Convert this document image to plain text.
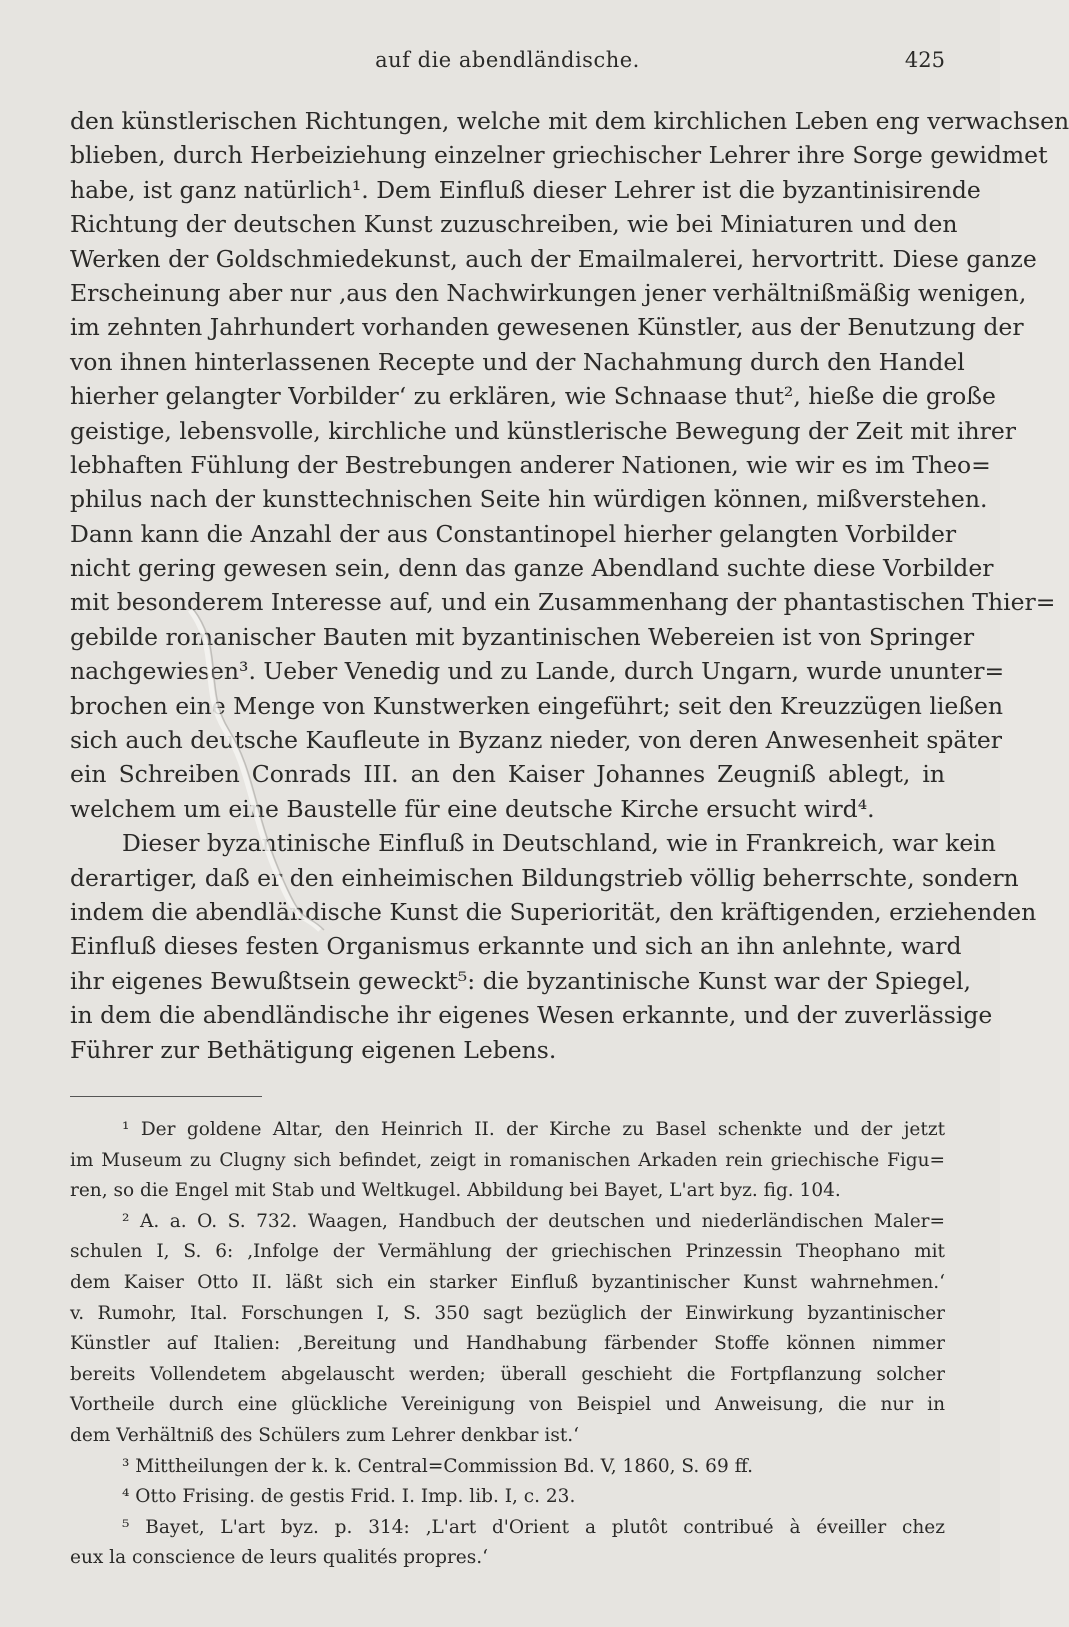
auf die abendländische.	425
den künstlerischen Richtungen, welche mit dem kirchlichen Leben eng verwachsen
blieben, durch Herbeiziehung einzelner griechischer Lehrer ihre Sorge gewidmet
habe, ist ganz natürlich¹. Dem Einfluß dieser Lehrer ist die byzantinisirende
Richtung der deutschen Kunst zuzuschreiben, wie bei Miniaturen und den
Werken der Goldschmiedekunst, auch der Emailmalerei, hervortritt. Diese ganze
Erscheinung aber nur ‚aus den Nachwirkungen jener verhältnißmäßig wenigen,
im zehnten Jahrhundert vorhanden gewesenen Künstler, aus der Benutzung der
von ihnen hinterlassenen Recepte und der Nachahmung durch den Handel
hierher gelangter Vorbilder‘ zu erklären, wie Schnaase thut², hieße die große
geistige, lebensvolle, kirchliche und künstlerische Bewegung der Zeit mit ihrer
lebhaften Fühlung der Bestrebungen anderer Nationen, wie wir es im Theo=
philus nach der kunsttechnischen Seite hin würdigen können, mißverstehen.
Dann kann die Anzahl der aus Constantinopel hierher gelangten Vorbilder
nicht gering gewesen sein, denn das ganze Abendland suchte diese Vorbilder
mit besonderem Interesse auf, und ein Zusammenhang der phantastischen Thier=
gebilde romanischer Bauten mit byzantinischen Webereien ist von Springer
nachgewiesen³. Ueber Venedig und zu Lande, durch Ungarn, wurde ununter=
brochen eine Menge von Kunstwerken eingeführt; seit den Kreuzzügen ließen
sich auch deutsche Kaufleute in Byzanz nieder, von deren Anwesenheit später
ein Schreiben Conrads III. an den Kaiser Johannes Zeugniß ablegt, in
welchem um eine Baustelle für eine deutsche Kirche ersucht wird⁴.
Dieser byzantinische Einfluß in Deutschland, wie in Frankreich, war kein
derartiger, daß er den einheimischen Bildungstrieb völlig beherrschte, sondern
indem die abendländische Kunst die Superiorität, den kräftigenden, erziehenden
Einfluß dieses festen Organismus erkannte und sich an ihn anlehnte, ward
ihr eigenes Bewußtsein geweckt⁵: die byzantinische Kunst war der Spiegel,
in dem die abendländische ihr eigenes Wesen erkannte, und der zuverlässige
Führer zur Bethätigung eigenen Lebens.
¹ Der goldene Altar, den Heinrich II. der Kirche zu Basel schenkte und der jetzt
im Museum zu Clugny sich befindet, zeigt in romanischen Arkaden rein griechische Figu=
ren, so die Engel mit Stab und Weltkugel. Abbildung bei Bayet, L'art byz. fig. 104.
² A. a. O. S. 732. Waagen, Handbuch der deutschen und niederländischen Maler=
schulen I, S. 6: ‚Infolge der Vermählung der griechischen Prinzessin Theophano mit
dem Kaiser Otto II. läßt sich ein starker Einfluß byzantinischer Kunst wahrnehmen.‘
v. Rumohr, Ital. Forschungen I, S. 350 sagt bezüglich der Einwirkung byzantinischer
Künstler auf Italien: ‚Bereitung und Handhabung färbender Stoffe können nimmer
bereits Vollendetem abgelauscht werden; überall geschieht die Fortpflanzung solcher
Vortheile durch eine glückliche Vereinigung von Beispiel und Anweisung, die nur in
dem Verhältniß des Schülers zum Lehrer denkbar ist.‘
³ Mittheilungen der k. k. Central=Commission Bd. V, 1860, S. 69 ff.
⁴ Otto Frising. de gestis Frid. I. Imp. lib. I, c. 23.
⁵ Bayet, L'art byz. p. 314: ‚L'art d'Orient a plutôt contribué à éveiller chez
eux la conscience de leurs qualités propres.‘
